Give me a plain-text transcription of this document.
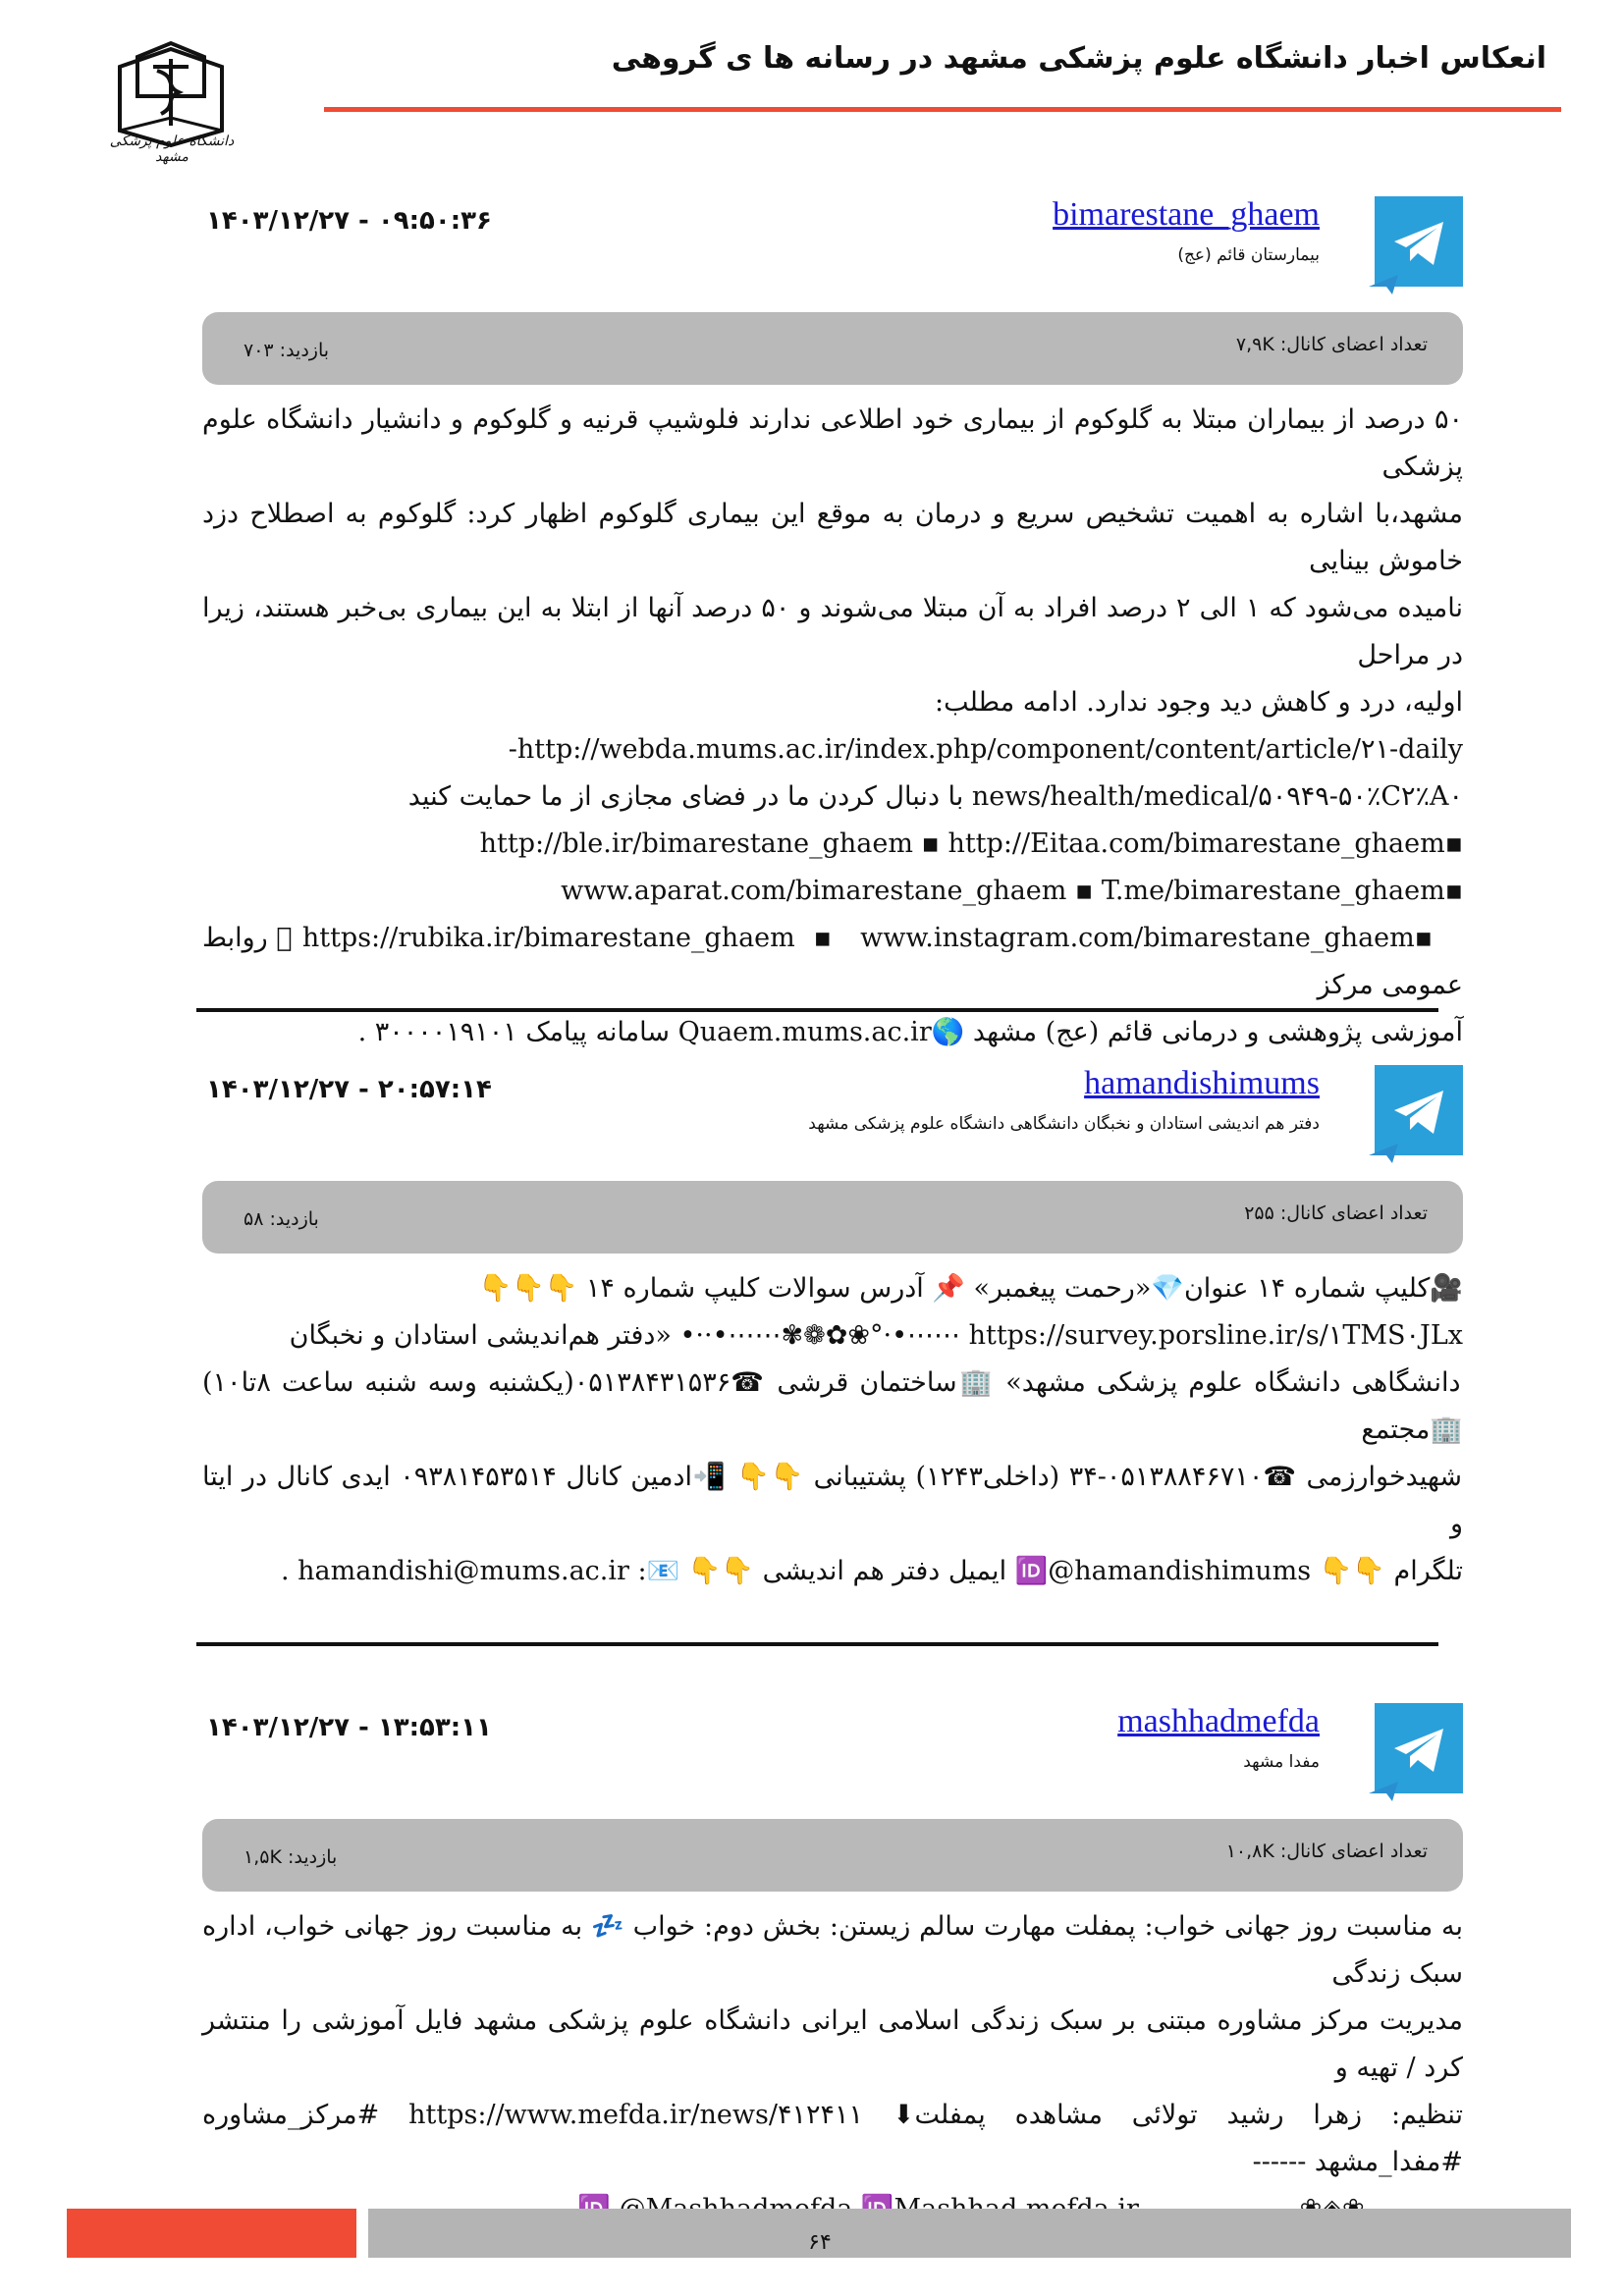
دانشگاه علوم پزشکی مشهد
انعکاس اخبار دانشگاه علوم پزشکی مشهد در رسانه ها ی گروهی
bimarestane_ghaem
بیمارستان قائم (عج)
۱۴۰۳/۱۲/۲۷ - ۰۹:۵۰:۳۶
تعداد اعضای کانال: ۷,۹K
بازدید: ۷۰۳
۵۰ درصد از بیماران مبتلا به گلوکوم از بیماری خود اطلاعی ندارند فلوشیپ قرنیه و گلوکوم و دانشیار دانشگاه علوم پزشکی
مشهد،با اشاره به اهمیت تشخیص سریع و درمان به موقع این بیماری گلوکوم اظهار کرد: گلوکوم به اصطلاح دزد خاموش بینایی
نامیده می‌شود که ۱ الی ۲ درصد افراد به آن مبتلا می‌شوند و ۵۰ درصد آنها از ابتلا به این بیماری بی‌خبر هستند، زیرا در مراحل
اولیه، درد و کاهش دید وجود ندارد. ادامه مطلب:
http://webda.mums.ac.ir/index.php/component/content/article/۲۱-daily-
news/health/medical/۵۰۹۴۹-۵۰٪C۲٪A۰ با دنبال کردن ما در فضای مجازی از ما حمایت کنید
▪http://ble.ir/bimarestane_ghaem ▪ http://Eitaa.com/bimarestane_ghaem
▪www.aparat.com/bimarestane_ghaem ▪ T.me/bimarestane_ghaem
▪https://rubika.ir/bimarestane_ghaem ▪ www.instagram.com/bimarestane_ghaem 🏻روابط عمومی مرکز
آموزشی پژوهشی و درمانی قائم (عج) مشهد 🌎Quaem.mums.ac.ir سامانه پیامک ۳۰۰۰۰۱۹۱۰۱ .
hamandishimums
دفتر هم اندیشی استادان و نخبگان دانشگاهی دانشگاه علوم پزشکی مشهد
۱۴۰۳/۱۲/۲۷ - ۲۰:۵۷:۱۴
تعداد اعضای کانال: ۲۵۵
بازدید: ۵۸
🎥کلیپ شماره ۱۴ عنوان💎«رحمت پیغمبر» 📌 آدرس سوالات کلیپ شماره ۱۴ 👇👇👇
https://survey.porsline.ir/s/۱TMS۰JLx ⋯⋯•·°❀✿❁✾⋯⋯•··• «دفتر هم‌اندیشی استادان و نخبگان
دانشگاهی دانشگاه علوم پزشکی مشهد» 🏢ساختمان قرشی ☎۰۵۱۳۸۴۳۱۵۳۶(یکشنبه وسه شنبه ساعت ۸تا۱۰) 🏢مجتمع
شهیدخوارزمی ☎۰۵۱۳۸۸۴۶۷۱۰-۳۴ (داخلی۱۲۴۳) پشتیبانی 👇👇 📲ادمین کانال ۰۹۳۸۱۴۵۳۵۱۴ ایدی کانال در ایتا و
تلگرام 👇👇 🆔@hamandishimums ایمیل دفتر هم اندیشی 👇👇 📧: hamandishi@mums.ac.ir .
mashhadmefda
مفدا مشهد
۱۴۰۳/۱۲/۲۷ - ۱۳:۵۳:۱۱
تعداد اعضای کانال: ۱۰,۸K
بازدید: ۱,۵K
به مناسبت روز جهانی خواب: پمفلت مهارت سالم زیستن: بخش دوم: خواب 💤 به مناسبت روز جهانی خواب، اداره سبک زندگی
مدیریت مرکز مشاوره مبتنی بر سبک زندگی اسلامی ایرانی دانشگاه علوم پزشکی مشهد فایل آموزشی را منتشر کرد / تهیه و
تنظیم: زهرا رشید تولائی مشاهده پمفلت⬇ https://www.mefda.ir/news/۴۱۲۴۱۱ #مرکز_مشاوره #مفدا_مشهد ------
۶۴
